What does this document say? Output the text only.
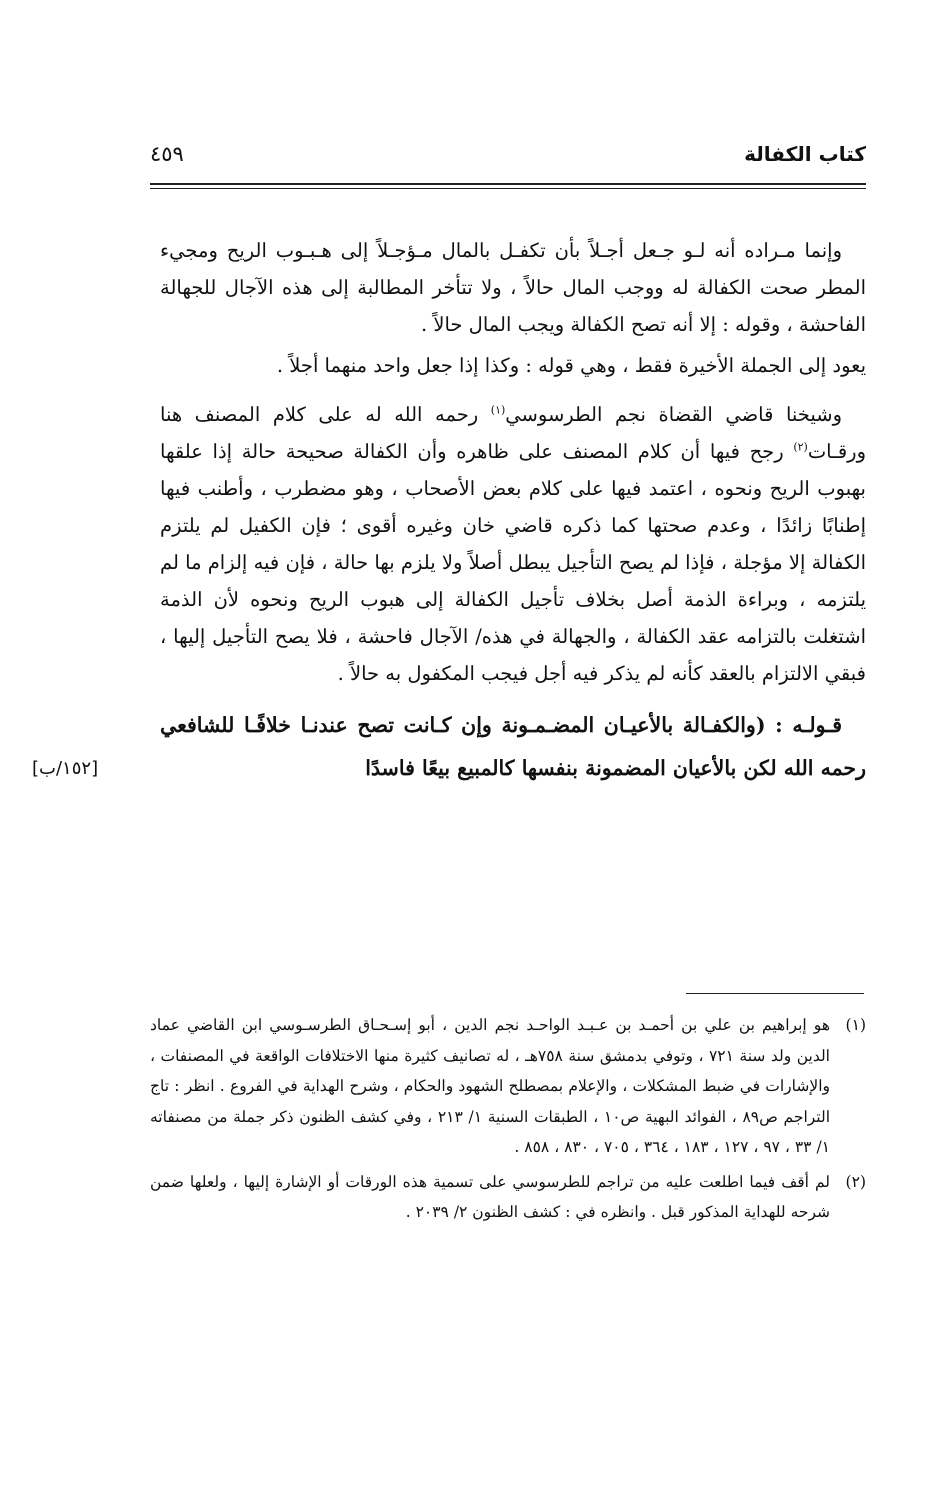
كتاب الكفالة
٤٥٩

وإنما مـراده أنه لـو جـعل أجـلاً بأن تكفـل بالمال مـؤجـلاً إلى هـبـوب الريح ومجيء المطر صحت الكفالة له ووجب المال حالاً ، ولا تتأخر المطالبة إلى هذه الآجال للجهالة الفاحشة ، وقوله : إلا أنه تصح الكفالة ويجب المال حالاً .

يعود إلى الجملة الأخيرة فقط ، وهي قوله : وكذا إذا جعل واحد منهما أجلاً .

وشيخنا قاضي القضاة نجم الطرسوسي$^{(١)}$ رحمه الله له على كلام المصنف هنا ورقـات$^{(٢)}$ رجح فيها أن كلام المصنف على ظاهره وأن الكفالة صحيحة حالة إذا علقها بهبوب الريح ونحوه ، اعتمد فيها على كلام بعض الأصحاب ، وهو مضطرب ، وأطنب فيها إطنابًا زائدًا ، وعدم صحتها كما ذكره قاضي خان وغيره أقوى ؛ فإن الكفيل لم يلتزم الكفالة إلا مؤجلة ، فإذا لم يصح التأجيل يبطل أصلاً ولا يلزم بها حالة ، فإن فيه إلزام ما لم يلتزمه ، وبراءة الذمة أصل بخلاف تأجيل الكفالة إلى هبوب الريح ونحوه لأن الذمة اشتغلت بالتزامه عقد الكفالة ، والجهالة في هذه/ الآجال فاحشة ، فلا يصح التأجيل إليها ، فبقي الالتزام بالعقد كأنه لم يذكر فيه أجل فيجب المكفول به حالاً .

قـولـه : (والكفـالة بالأعيـان المضـمـونة وإن كـانت تصح عندنـا خلافًـا للشافعي رحمه الله لكن بالأعيان المضمونة بنفسها كالمبيع بيعًا فاسدًا

[١٥٢/ب]
(١)
هو إبراهيم بن علي بن أحمـد بن عـبـد الواحـد نجم الدين ، أبو إسـحـاق الطرسـوسي ابن القاضي عماد الدين ولد سنة ٧٢١ ، وتوفي بدمشق سنة ٧٥٨هـ ، له تصانيف كثيرة منها الاختلافات الواقعة في المصنفات ، والإشارات في ضبط المشكلات ، والإعلام بمصطلح الشهود والحكام ، وشرح الهداية في الفروع . انظر : تاج التراجم ص٨٩ ، الفوائد البهية ص١٠ ، الطبقات السنية ١/ ٢١٣ ، وفي كشف الظنون ذكر جملة من مصنفاته ١/ ٣٣ ، ٩٧ ، ١٢٧ ، ١٨٣ ، ٣٦٤ ، ٧٠٥ ، ٨٣٠ ، ٨٥٨ .
(٢)
لم أقف فيما اطلعت عليه من تراجم للطرسوسي على تسمية هذه الورقات أو الإشارة إليها ، ولعلها ضمن شرحه للهداية المذكور قبل . وانظره في : كشف الظنون ٢/ ٢٠٣٩ .
